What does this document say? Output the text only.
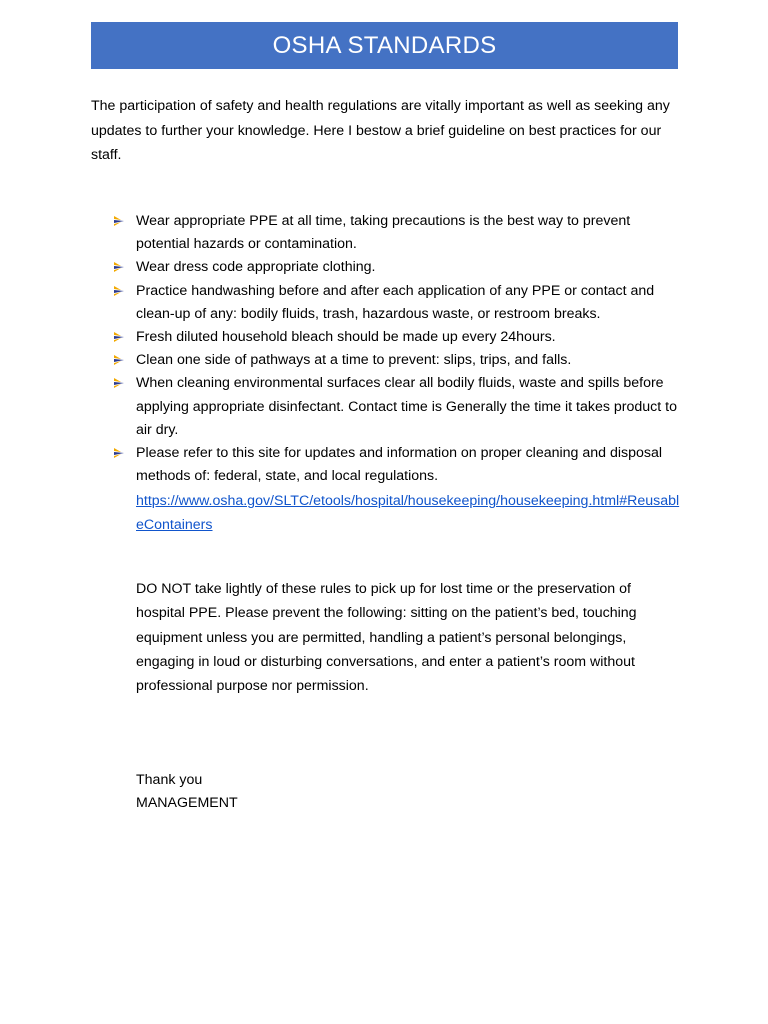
OSHA STANDARDS

The participation of safety and health regulations are vitally important as well as seeking any updates to further your knowledge. Here I bestow a brief guideline on best practices for our staff.

Wear appropriate PPE at all time, taking precautions is the best way to prevent potential hazards or contamination.
Wear dress code appropriate clothing.
Practice handwashing before and after each application of any PPE or contact and clean-up of any: bodily fluids, trash, hazardous waste, or restroom breaks.
Fresh diluted household bleach should be made up every 24hours.
Clean one side of pathways at a time to prevent: slips, trips, and falls.
When cleaning environmental surfaces clear all bodily fluids, waste and spills before applying appropriate disinfectant. Contact time is Generally the time it takes product to air dry.
Please refer to this site for updates and information on proper cleaning and disposal methods of: federal, state, and local regulations.
https://www.osha.gov/SLTC/etools/hospital/housekeeping/housekeeping.html#ReusableContainers

DO NOT take lightly of these rules to pick up for lost time or the preservation of hospital PPE. Please prevent the following: sitting on the patient’s bed, touching equipment unless you are permitted, handling a patient’s personal belongings, engaging in loud or disturbing conversations, and enter a patient’s room without professional purpose nor permission.

Thank you
MANAGEMENT
